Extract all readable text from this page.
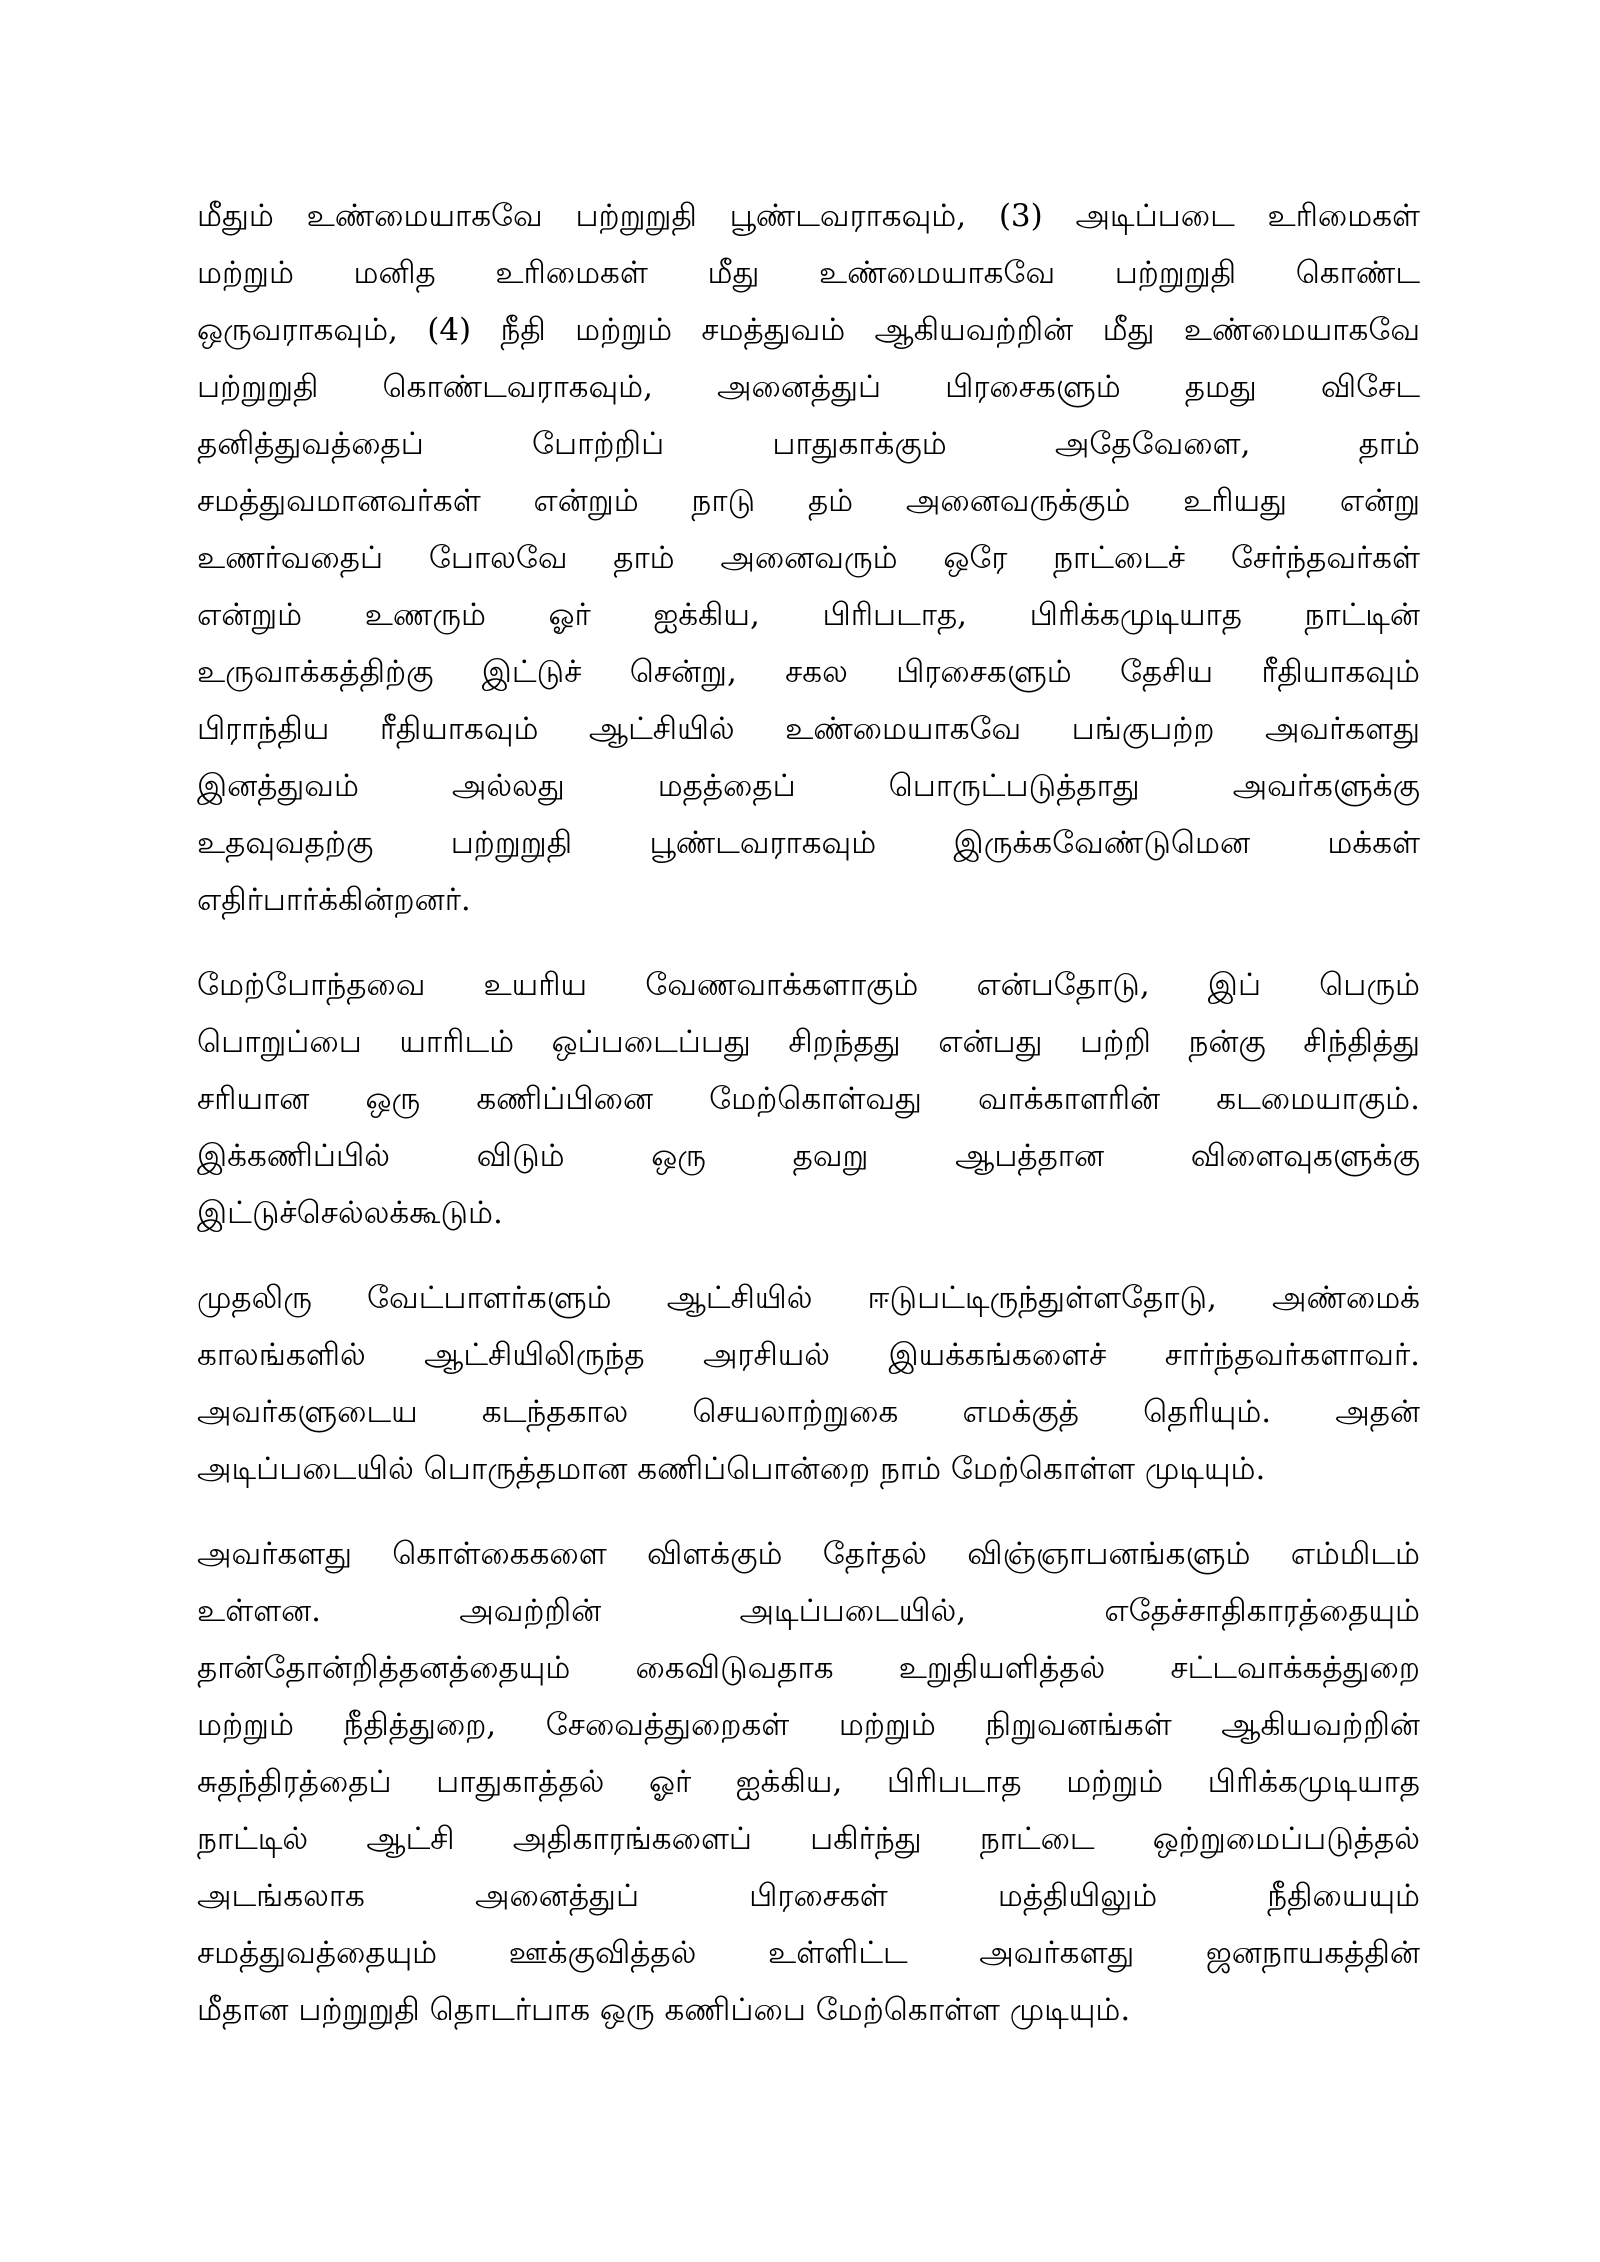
மீதும் உண்மையாகவே பற்றுறுதி பூண்டவராகவும், (3) அடிப்படை உரிமைகள்
மற்றும் மனித உரிமைகள் மீது உண்மையாகவே பற்றுறுதி கொண்ட
ஒருவராகவும், (4) நீதி மற்றும் சமத்துவம் ஆகியவற்றின் மீது உண்மையாகவே
பற்றுறுதி கொண்டவராகவும், அனைத்துப் பிரசைகளும் தமது விசேட
தனித்துவத்தைப் போற்றிப் பாதுகாக்கும் அதேவேளை, தாம்
சமத்துவமானவர்கள் என்றும் நாடு தம் அனைவருக்கும் உரியது என்று
உணர்வதைப் போலவே தாம் அனைவரும் ஒரே நாட்டைச் சேர்ந்தவர்கள்
என்றும் உணரும் ஓர் ஐக்கிய, பிரிபடாத, பிரிக்கமுடியாத நாட்டின்
உருவாக்கத்திற்கு இட்டுச் சென்று, சகல பிரசைகளும் தேசிய ரீதியாகவும்
பிராந்திய ரீதியாகவும் ஆட்சியில் உண்மையாகவே பங்குபற்ற அவர்களது
இனத்துவம் அல்லது மதத்தைப் பொருட்படுத்தாது அவர்களுக்கு
உதவுவதற்கு பற்றுறுதி பூண்டவராகவும் இருக்கவேண்டுமென மக்கள்
எதிர்பார்க்கின்றனர்.
மேற்போந்தவை உயரிய வேணவாக்களாகும் என்பதோடு, இப் பெரும்
பொறுப்பை யாரிடம் ஒப்படைப்பது சிறந்தது என்பது பற்றி நன்கு சிந்தித்து
சரியான ஒரு கணிப்பினை மேற்கொள்வது வாக்காளரின் கடமையாகும்.
இக்கணிப்பில் விடும் ஒரு தவறு ஆபத்தான விளைவுகளுக்கு
இட்டுச்செல்லக்கூடும்.
முதலிரு வேட்பாளர்களும் ஆட்சியில் ஈடுபட்டிருந்துள்ளதோடு, அண்மைக்
காலங்களில் ஆட்சியிலிருந்த அரசியல் இயக்கங்களைச் சார்ந்தவர்களாவர்.
அவர்களுடைய கடந்தகால செயலாற்றுகை எமக்குத் தெரியும். அதன்
அடிப்படையில் பொருத்தமான கணிப்பொன்றை நாம் மேற்கொள்ள முடியும்.
அவர்களது கொள்கைகளை விளக்கும் தேர்தல் விஞ்ஞாபனங்களும் எம்மிடம்
உள்ளன. அவற்றின் அடிப்படையில், எதேச்சாதிகாரத்தையும்
தான்தோன்றித்தனத்தையும் கைவிடுவதாக உறுதியளித்தல் சட்டவாக்கத்துறை
மற்றும் நீதித்துறை, சேவைத்துறைகள் மற்றும் நிறுவனங்கள் ஆகியவற்றின்
சுதந்திரத்தைப் பாதுகாத்தல் ஓர் ஐக்கிய, பிரிபடாத மற்றும் பிரிக்கமுடியாத
நாட்டில் ஆட்சி அதிகாரங்களைப் பகிர்ந்து நாட்டை ஒற்றுமைப்படுத்தல்
அடங்கலாக அனைத்துப் பிரசைகள் மத்தியிலும் நீதியையும்
சமத்துவத்தையும் ஊக்குவித்தல் உள்ளிட்ட அவர்களது ஜனநாயகத்தின்
மீதான பற்றுறுதி தொடர்பாக ஒரு கணிப்பை மேற்கொள்ள முடியும்.
